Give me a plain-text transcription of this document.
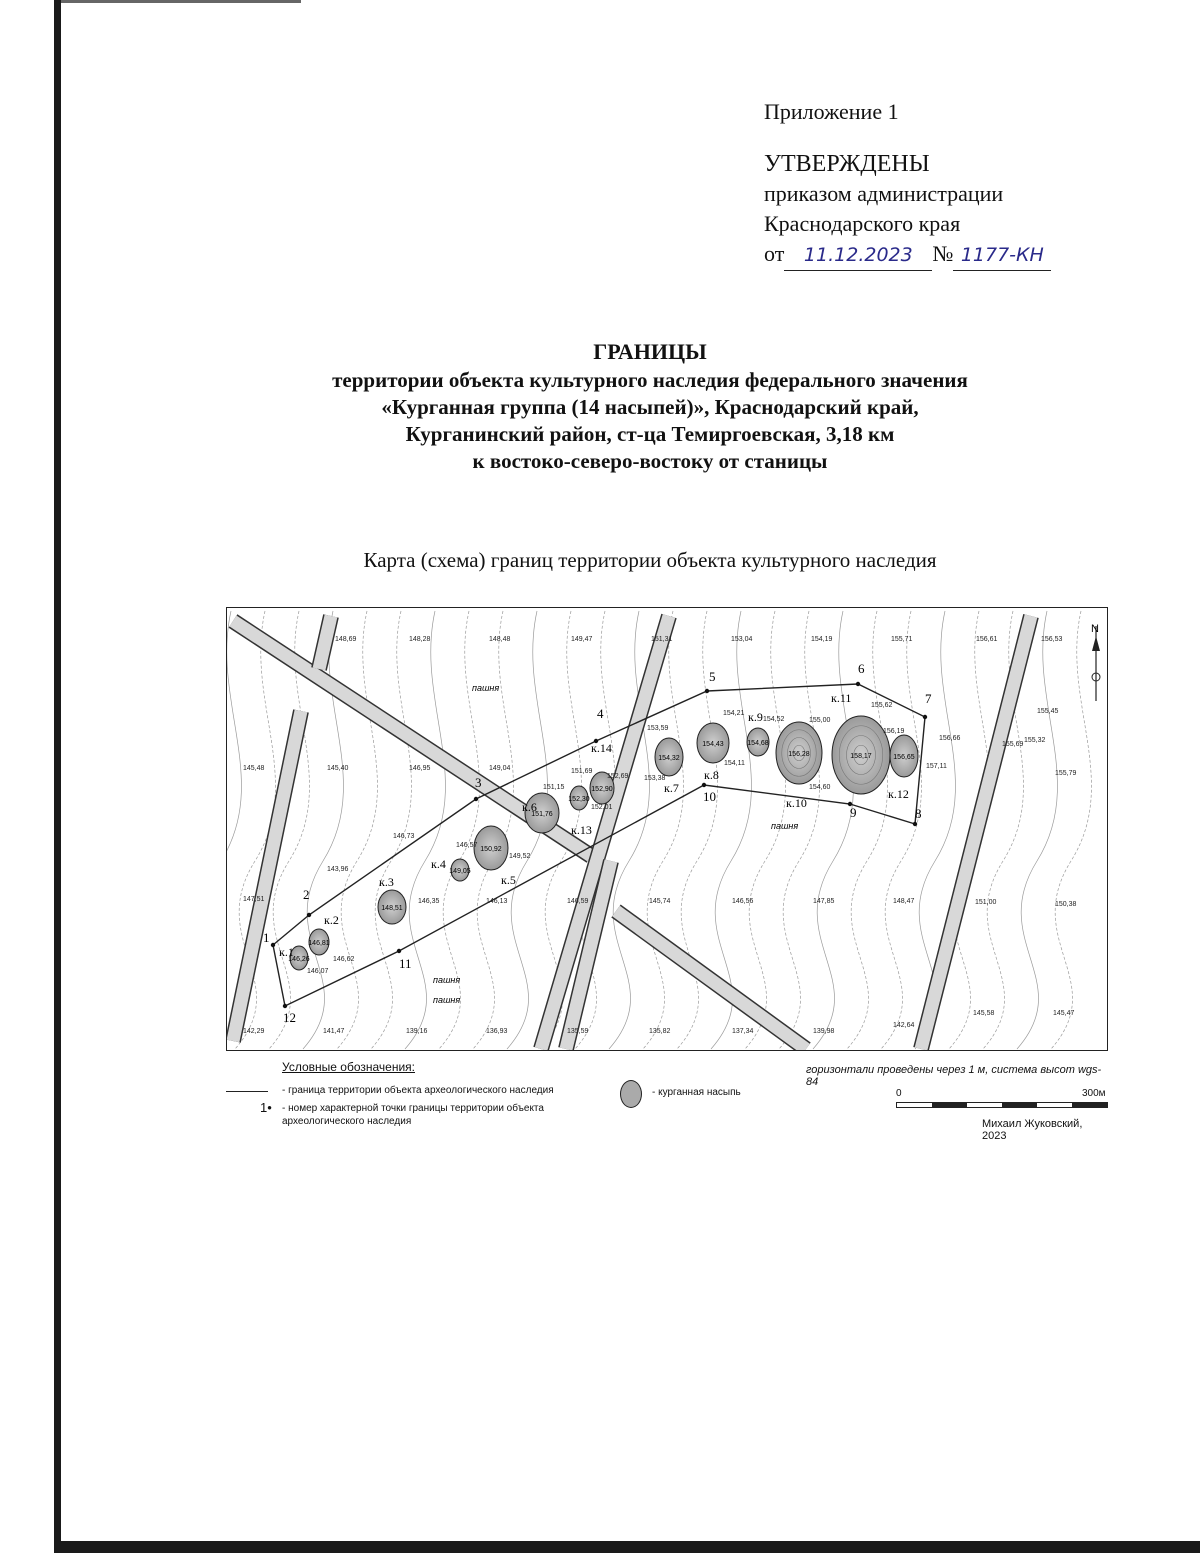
Приложение 1
УТВЕРЖДЕНЫ
приказом администрации
Краснодарского края
от 11.12.2023 № 1177-КН
ГРАНИЦЫ
территории объекта культурного наследия федерального значения
«Курганная группа (14 насыпей)», Краснодарский край,
Курганинский район, ст-ца Темиргоевская, 3,18 км
к востоко-северо-востоку от станицы
Карта (схема) границ территории объекта культурного наследия
146,26
к.1
146,81
к.2
148,51
к.3
149,05
к.4
150,92
к.5
151,76
к.6
154,32
к.7
154,43
к.8
154,68
к.9
156,28
к.10
158,17
к.11
156,65
к.12
152,30
к.13
152,90
к.14
148,69	148,28	148,48	149,47	151,31	153,04	154,19	155,71	156,61	156,53
145,48	145,40	146,95	149,04
151,15
151,69
152,69
153,59
154,21
154,52	155,00
155,62
156,19
156,66
155,45
155,32
155,79
157,11
153,38
154,11
154,60
146,73
146,57
149,52
152,01
143,96
146,35	146,13	146,59	145,74	146,56	147,85	148,47	150,38
147,51
146,62
146,07
142,29	141,47	139,16	136,93	135,59	135,82	137,34	139,98
142,64
145,58	145,47
155,69
151,00
1
2
3
4
5
6
7
8
9
10
11
12
пашня
пашня
пашня
пашня
N
Условные обозначения:
- граница территории объекта археологического наследия
1• - номер характерной точки границы территории объекта археологического наследия
- курганная насыпь
горизонтали проведены через 1 м, система высот wgs-84
0	300м
Михаил Жуковский, 2023
